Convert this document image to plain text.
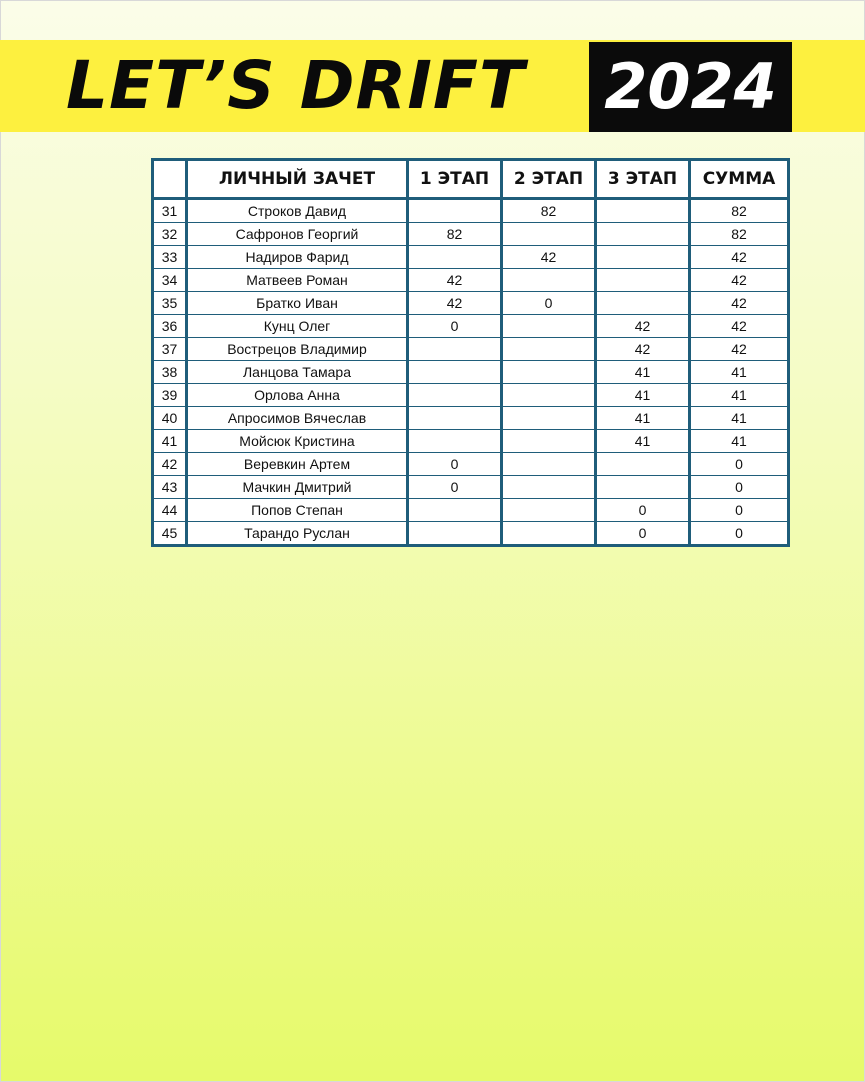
LET’S DRIFT 2024
	ЛИЧНЫЙ ЗАЧЕТ	1 ЭТАП	2 ЭТАП	3 ЭТАП	СУММА
31	Строков Давид		82		82
32	Сафронов Георгий	82			82
33	Надиров Фарид		42		42
34	Матвеев Роман	42			42
35	Братко Иван	42	0		42
36	Кунц Олег	0		42	42
37	Вострецов Владимир			42	42
38	Ланцова Тамара			41	41
39	Орлова Анна			41	41
40	Апросимов Вячеслав			41	41
41	Мойсюк Кристина			41	41
42	Веревкин Артем	0			0
43	Мачкин Дмитрий	0			0
44	Попов Степан			0	0
45	Тарандо Руслан			0	0
